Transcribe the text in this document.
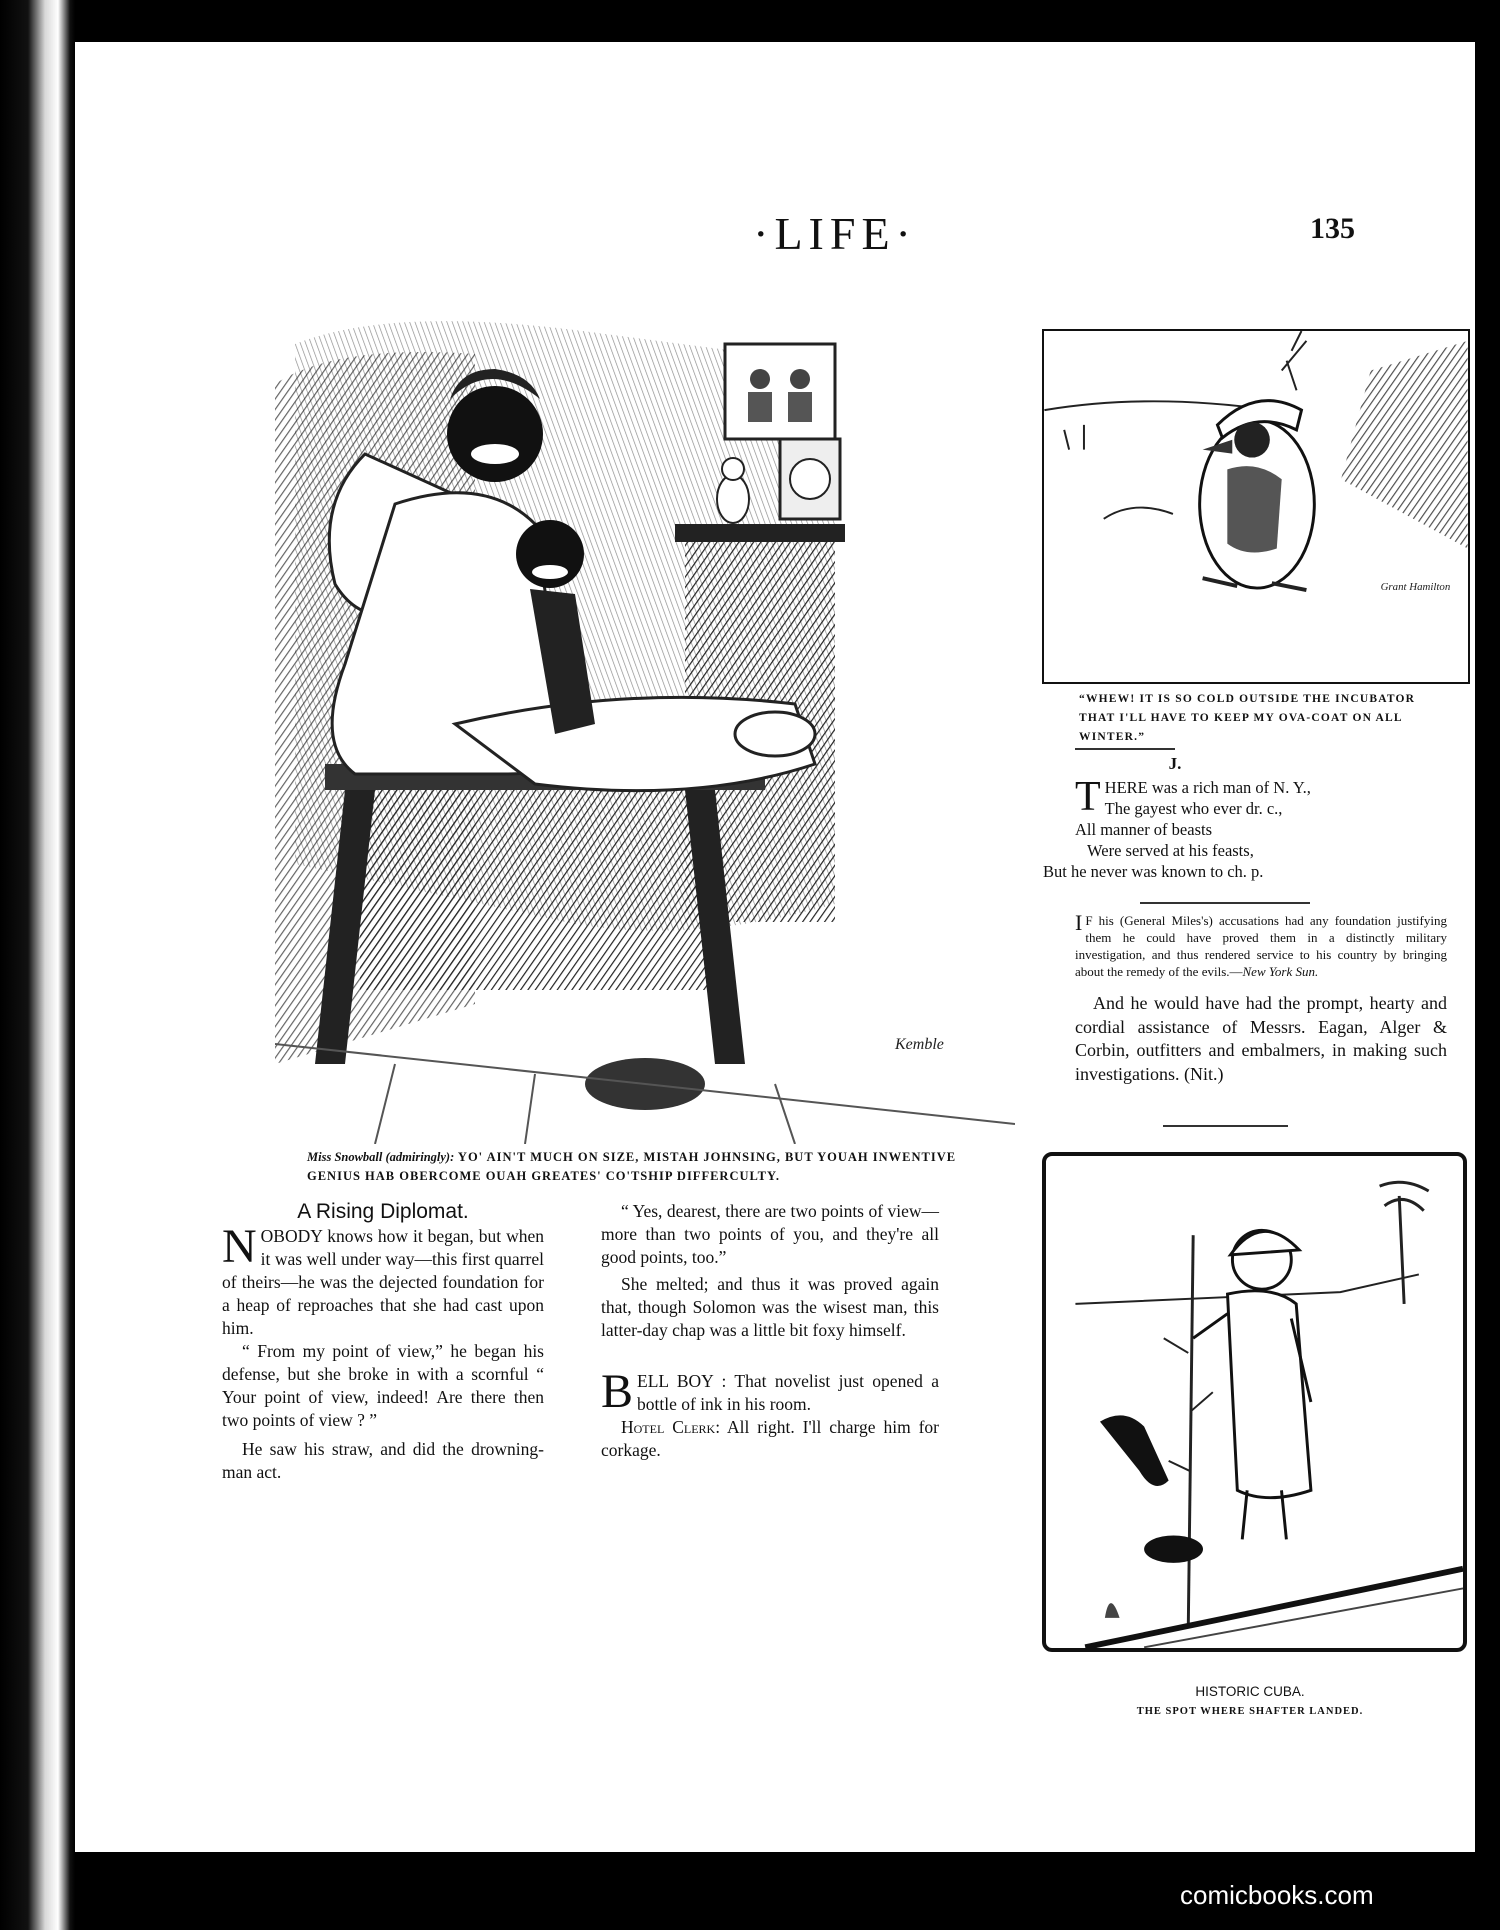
·LIFE·	135
Kemble
Miss Snowball (admiringly): YO' AIN'T MUCH ON SIZE, MISTAH JOHNSING, BUT YOUAH INWENTIVE GENIUS HAB OBERCOME OUAH GREATES' CO'TSHIP DIFFERCULTY.
A Rising Diplomat.

NOBODY knows how it began, but when it was well under way—this first quarrel of theirs—he was the dejected foundation for a heap of reproaches that she had cast upon him.

“ From my point of view,” he began his defense, but she broke in with a scornful “ Your point of view, indeed! Are there then two points of view ? ”

He saw his straw, and did the drowning-man act.

“ Yes, dearest, there are two points of view—more than two points of you, and they're all good points, too.”

She melted; and thus it was proved again that, though Solomon was the wisest man, this latter-day chap was a little bit foxy himself.

BELL BOY : That novelist just opened a bottle of ink in his room.

Hotel Clerk: All right. I'll charge him for corkage.

Grant Hamilton
“WHEW! IT IS SO COLD OUTSIDE THE INCUBATOR THAT I'LL HAVE TO KEEP MY OVA-COAT ON ALL WINTER.”
J.
T HERE was a rich man of N. Y.,
The gayest who ever dr. c.,
All manner of beasts
Were served at his feasts,
But he never was known to ch. p.
I F his (General Miles's) accusations had any foundation justifying them he could have proved them in a distinctly military investigation, and thus rendered service to his country by bringing about the remedy of the evils.—New York Sun.
And he would have had the prompt, hearty and cordial assistance of Messrs. Eagan, Alger & Corbin, outfitters and embalmers, in making such investigations. (Nit.)
HISTORIC CUBA.
THE SPOT WHERE SHAFTER LANDED.
comicbooks.com
